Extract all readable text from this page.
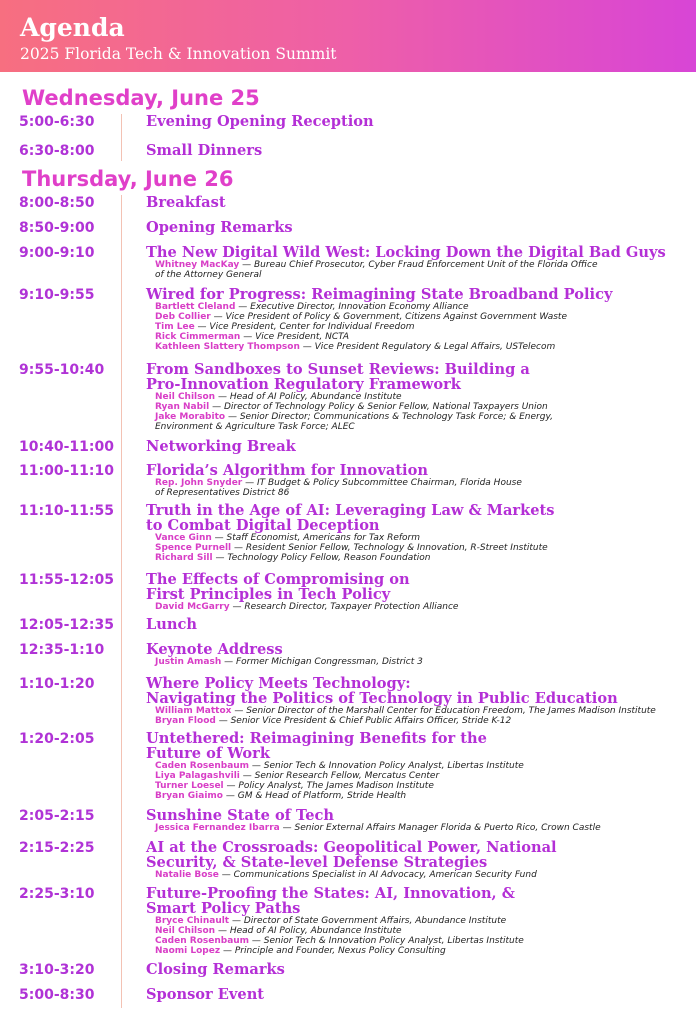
Agenda
2025 Florida Tech & Innovation Summit
Wednesday, June 25
5:00-6:30	Evening Opening Reception
6:30-8:00	Small Dinners
Thursday, June 26
8:00-8:50	Breakfast
8:50-9:00	Opening Remarks
9:00-9:10	The New Digital Wild West: Locking Down the Digital Bad Guys
Whitney MacKay — Bureau Chief Prosecutor, Cyber Fraud Enforcement Unit of the Florida Office
of the Attorney General
9:10-9:55	Wired for Progress: Reimagining State Broadband Policy
Bartlett Cleland — Executive Director, Innovation Economy Alliance
Deb Collier — Vice President of Policy & Government, Citizens Against Government Waste
Tim Lee — Vice President, Center for Individual Freedom
Rick Cimmerman — Vice President, NCTA
Kathleen Slattery Thompson — Vice President Regulatory & Legal Affairs, USTelecom
9:55-10:40	From Sandboxes to Sunset Reviews: Building a
Pro-Innovation Regulatory Framework
Neil Chilson — Head of AI Policy, Abundance Institute
Ryan Nabil — Director of Technology Policy & Senior Fellow, National Taxpayers Union
Jake Morabito — Senior Director; Communications & Technology Task Force; & Energy,
Environment & Agriculture Task Force; ALEC
10:40-11:00 Networking Break
11:00-11:10 Florida’s Algorithm for Innovation
Rep. John Snyder — IT Budget & Policy Subcommittee Chairman, Florida House
of Representatives District 86
11:10-11:55 Truth in the Age of AI: Leveraging Law & Markets
to Combat Digital Deception
Vance Ginn — Staff Economist, Americans for Tax Reform
Spence Purnell — Resident Senior Fellow, Technology & Innovation, R-Street Institute
Richard Sill — Technology Policy Fellow, Reason Foundation
11:55-12:05 The Effects of Compromising on
First Principles in Tech Policy
David McGarry — Research Director, Taxpayer Protection Alliance
12:05-12:35 Lunch
12:35-1:10	Keynote Address
Justin Amash — Former Michigan Congressman, District 3
1:10-1:20	Where Policy Meets Technology:
Navigating the Politics of Technology in Public Education
William Mattox — Senior Director of the Marshall Center for Education Freedom, The James Madison Institute
Bryan Flood — Senior Vice President & Chief Public Affairs Officer, Stride K-12
1:20-2:05	Untethered: Reimagining Benefits for the
Future of Work
Caden Rosenbaum — Senior Tech & Innovation Policy Analyst, Libertas Institute
Liya Palagashvili — Senior Research Fellow, Mercatus Center
Turner Loesel — Policy Analyst, The James Madison Institute
Bryan Giaimo — GM & Head of Platform, Stride Health
2:05-2:15	Sunshine State of Tech
Jessica Fernandez Ibarra — Senior External Affairs Manager Florida & Puerto Rico, Crown Castle
2:15-2:25	AI at the Crossroads: Geopolitical Power, National
Security, & State-level Defense Strategies
Natalie Bose — Communications Specialist in AI Advocacy, American Security Fund
2:25-3:10	Future-Proofing the States: AI, Innovation, &
Smart Policy Paths
Bryce Chinault — Director of State Government Affairs, Abundance Institute
Neil Chilson — Head of AI Policy, Abundance Institute
Caden Rosenbaum — Senior Tech & Innovation Policy Analyst, Libertas Institute
Naomi Lopez — Principle and Founder, Nexus Policy Consulting
3:10-3:20	Closing Remarks
5:00-8:30	Sponsor Event
